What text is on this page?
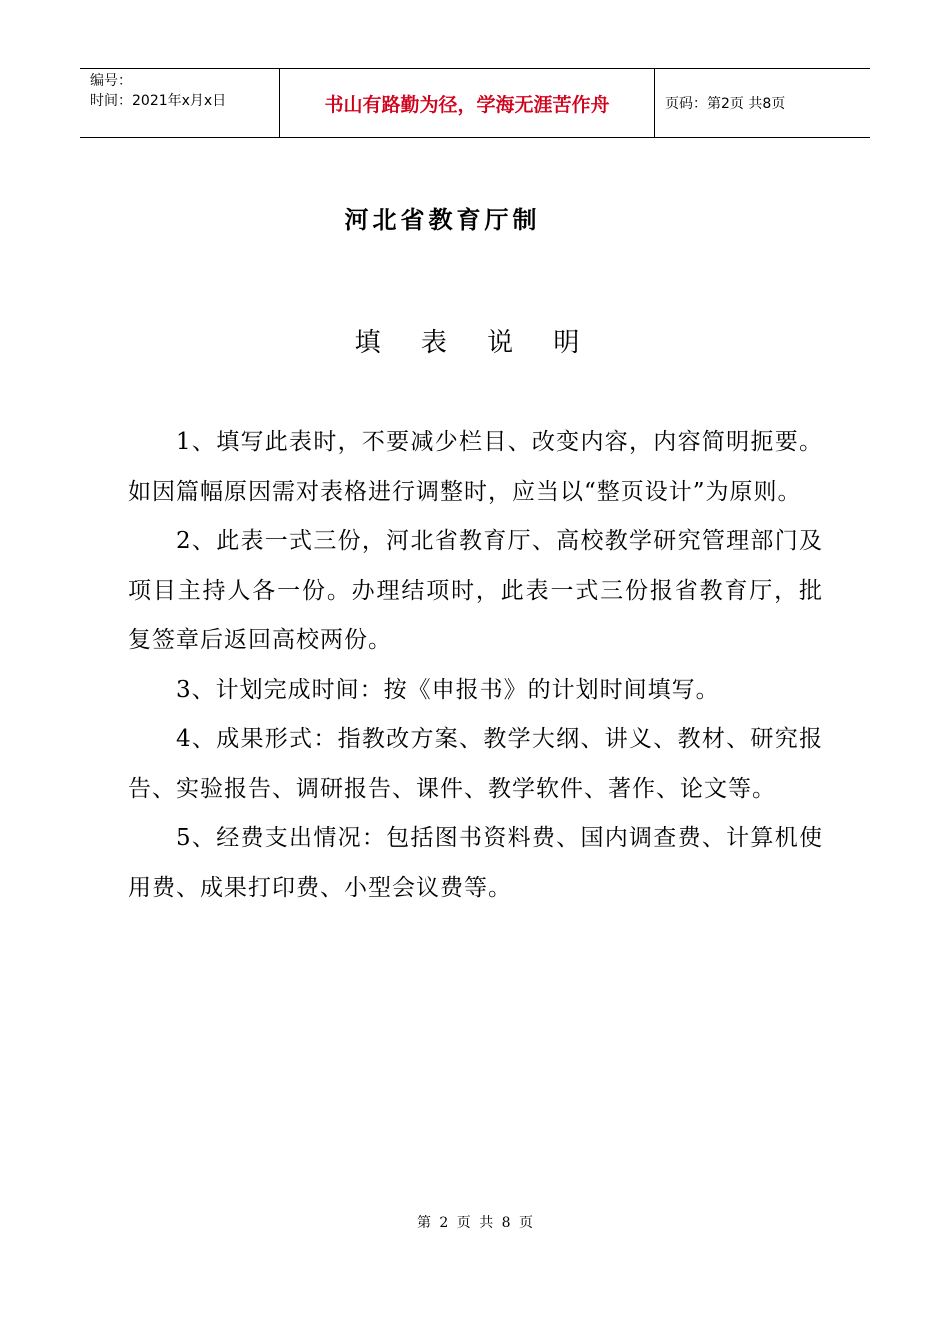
编号：
时间：2021年x月x日	书山有路勤为径，学海无涯苦作舟	页码：第2页 共8页
河北省教育厅制
填 表 说 明

1、填写此表时，不要减少栏目、改变内容，内容简明扼要。如因篇幅原因需对表格进行调整时，应当以“整页设计”为原则。

2、此表一式三份，河北省教育厅、高校教学研究管理部门及项目主持人各一份。办理结项时，此表一式三份报省教育厅，批复签章后返回高校两份。

3、计划完成时间：按《申报书》的计划时间填写。

4、成果形式：指教改方案、教学大纲、讲义、教材、研究报告、实验报告、调研报告、课件、教学软件、著作、论文等。

5、经费支出情况：包括图书资料费、国内调查费、计算机使用费、成果打印费、小型会议费等。

第 2 页 共 8 页
